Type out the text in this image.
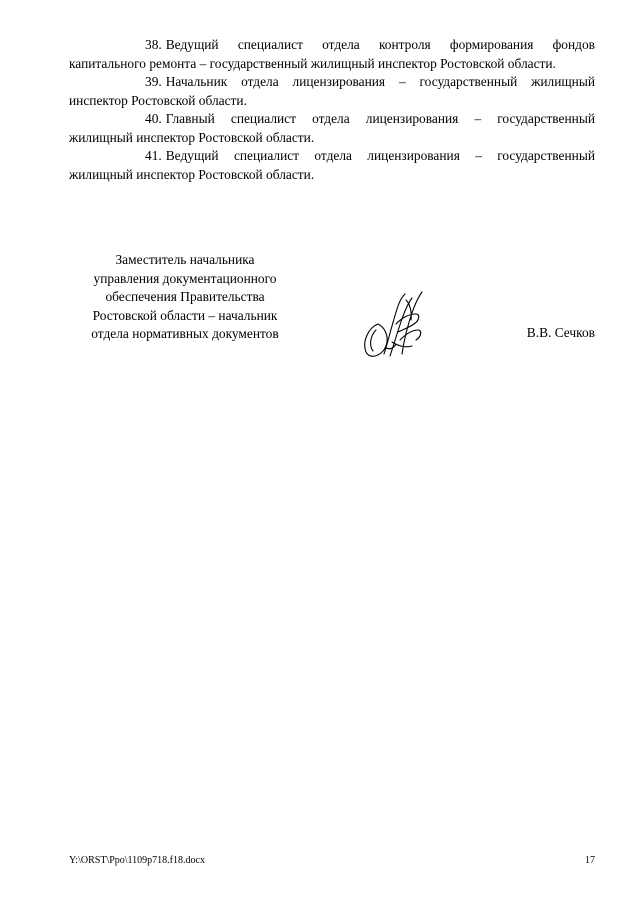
38. Ведущий специалист отдела контроля формирования фондов капитального ремонта – государственный жилищный инспектор Ростовской области.

39. Начальник отдела лицензирования – государственный жилищный инспектор Ростовской области.

40. Главный специалист отдела лицензирования – государственный жилищный инспектор Ростовской области.

41. Ведущий специалист отдела лицензирования – государственный жилищный инспектор Ростовской области.

Заместитель начальника
управления документационного
обеспечения Правительства
Ростовской области – начальник
отдела нормативных документов	В.В. Сечков
Y:\ORST\Ppo\1109p718.f18.docx	17
